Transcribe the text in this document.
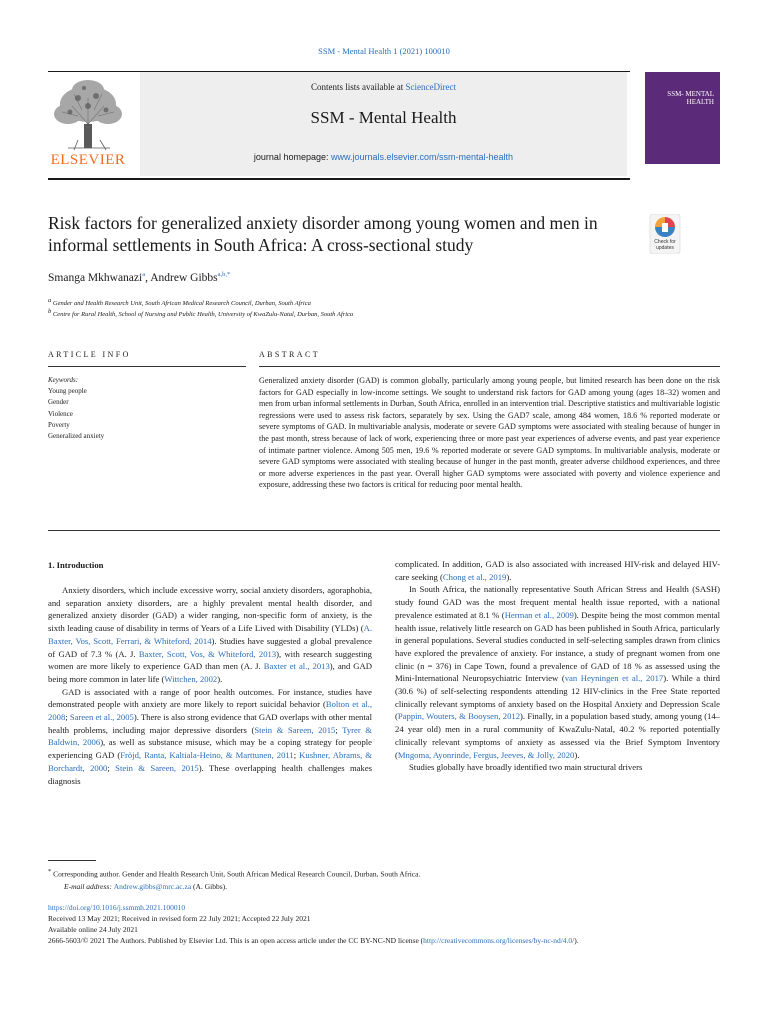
SSM - Mental Health 1 (2021) 100010
ELSEVIER
Contents lists available at ScienceDirect
SSM - Mental Health
journal homepage: www.journals.elsevier.com/ssm-mental-health
SSM- MENTAL HEALTH
Risk factors for generalized anxiety disorder among young women and men in informal settlements in South Africa: A cross-sectional study	Check for updates
Smanga Mkhwanazi$^a$, Andrew Gibbs$^{a,b,*}$
$^a$ Gender and Health Research Unit, South African Medical Research Council, Durban, South Africa
$^b$ Centre for Rural Health, School of Nursing and Public Health, University of KwaZulu-Natal, Durban, South Africa
ARTICLE INFO	ABSTRACT
Keywords:
Young people
Gender
Violence
Poverty
Generalized anxiety
Generalized anxiety disorder (GAD) is common globally, particularly among young people, but limited research has been done on the risk factors for GAD especially in low-income settings. We sought to understand risk factors for GAD among young (ages 18–32) women and men from urban informal settlements in Durban, South Africa, enrolled in an intervention trial. Descriptive statistics and multivariable logistic regressions were used to assess risk factors, separately by sex. Using the GAD7 scale, among 484 women, 18.6 % reported moderate or severe symptoms of GAD. In multivariable analysis, moderate or severe GAD symptoms were associated with stealing because of hunger in the past month, stress because of lack of work, experiencing three or more past year experiences of adverse events, and past year experience of intimate partner violence. Among 505 men, 19.6 % reported moderate or severe GAD symptoms. In multivariable analysis, moderate or severe GAD symptoms were associated with stealing because of hunger in the past month, greater adverse childhood experiences, and three or more adverse experiences in the past year. Overall higher GAD symptoms were associated with poverty and violence experience and exposure, addressing these two factors is critical for reducing poor mental health.
1. Introduction

Anxiety disorders, which include excessive worry, social anxiety disorders, agoraphobia, and separation anxiety disorders, are a highly prevalent mental health disorder, and generalized anxiety disorder (GAD) a wider ranging, non-specific form of anxiety, is the sixth leading cause of disability in terms of Years of a Life Lived with Disability (YLDs) (A. Baxter, Vos, Scott, Ferrari, & Whiteford, 2014). Studies have suggested a global prevalence of GAD of 7.3 % (A. J. Baxter, Scott, Vos, & Whiteford, 2013), with research suggesting women are more likely to experience GAD than men (A. J. Baxter et al., 2013), and GAD being more common in later life (Wittchen, 2002).

GAD is associated with a range of poor health outcomes. For instance, studies have demonstrated people with anxiety are more likely to report suicidal behavior (Bolton et al., 2008; Sareen et al., 2005). There is also strong evidence that GAD overlaps with other mental health problems, including major depressive disorders (Stein & Sareen, 2015; Tyrer & Baldwin, 2006), as well as substance misuse, which may be a coping strategy for people experiencing GAD (Fröjd, Ranta, Kaltiala-Heino, & Marttunen, 2011; Kushner, Abrams, & Borchardt, 2000; Stein & Sareen, 2015). These overlapping health challenges makes diagnosis

complicated. In addition, GAD is also associated with increased HIV-risk and delayed HIV-care seeking (Chong et al., 2019).

In South Africa, the nationally representative South African Stress and Health (SASH) study found GAD was the most frequent mental health issue reported, with a national prevalence estimated at 8.1 % (Herman et al., 2009). Despite being the most common mental health issue, relatively little research on GAD has been published in South Africa, particularly in general populations. Several studies conducted in self-selecting samples drawn from clinics have explored the prevalence of anxiety. For instance, a study of pregnant women from one clinic (n = 376) in Cape Town, found a prevalence of GAD of 18 % as assessed using the Mini-International Neuropsychiatric Interview (van Heyningen et al., 2017). While a third (30.6 %) of self-selecting respondents attending 12 HIV-clinics in the Free State reported clinically relevant symptoms of anxiety based on the Hospital Anxiety and Depression Scale (Pappin, Wouters, & Booysen, 2012). Finally, in a population based study, among young (14–24 year old) men in a rural community of KwaZulu-Natal, 40.2 % reported potentially clinically relevant symptoms of anxiety as assessed via the Brief Symptom Inventory (Mngoma, Ayonrinde, Fergus, Jeeves, & Jolly, 2020).

Studies globally have broadly identified two main structural drivers

* Corresponding author. Gender and Health Research Unit, South African Medical Research Council, Durban, South Africa.
E-mail address: Andrew.gibbs@mrc.ac.za (A. Gibbs).
https://doi.org/10.1016/j.ssmmh.2021.100010
Received 13 May 2021; Received in revised form 22 July 2021; Accepted 22 July 2021
Available online 24 July 2021
2666-5603/© 2021 The Authors. Published by Elsevier Ltd. This is an open access article under the CC BY-NC-ND license (http://creativecommons.org/licenses/by-nc-nd/4.0/).
